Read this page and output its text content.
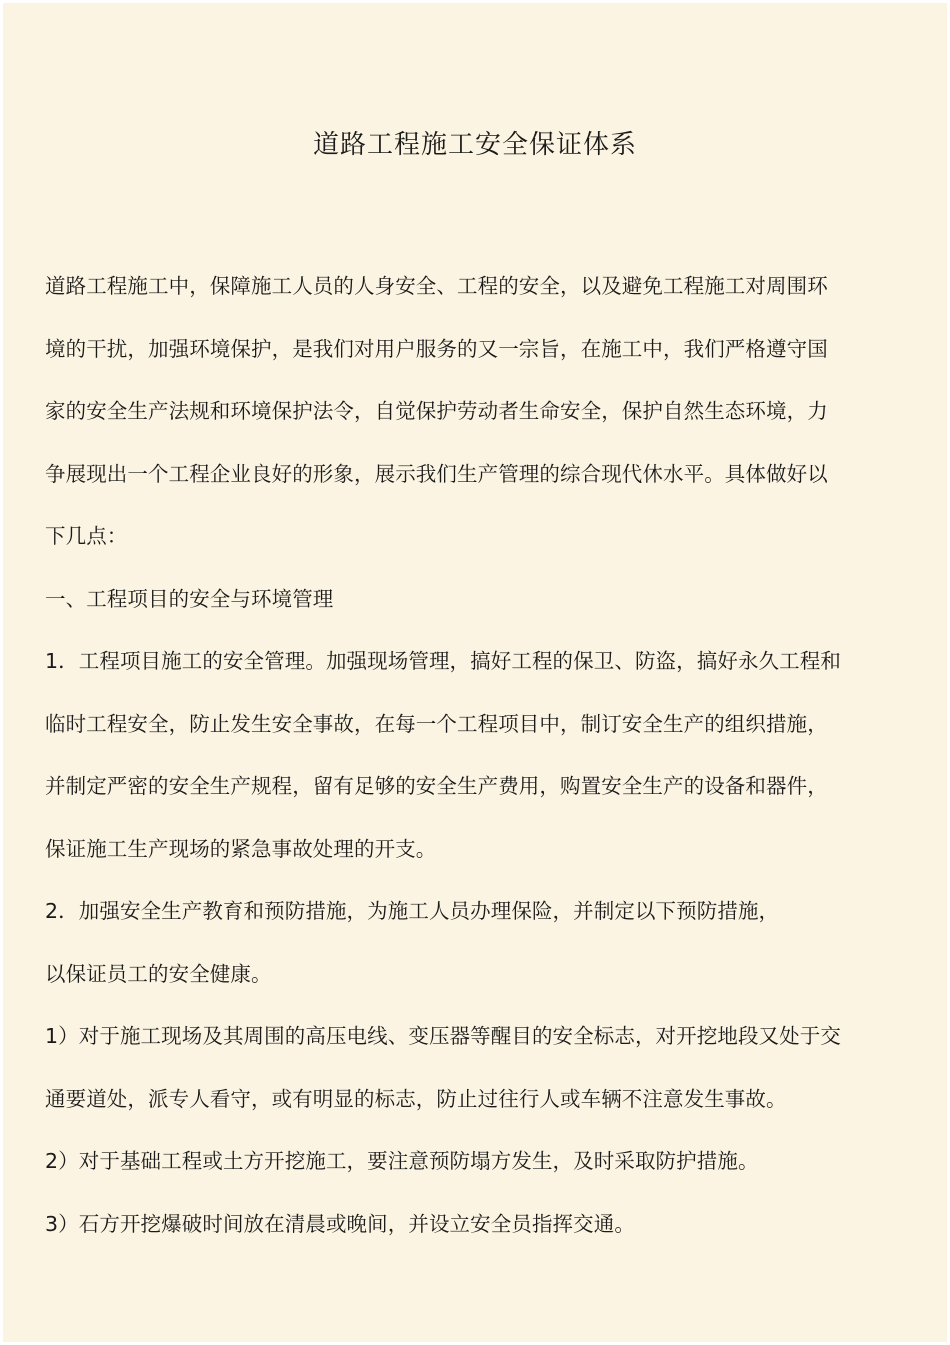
道路工程施工安全保证体系
道路工程施工中，保障施工人员的人身安全、工程的安全，以及避免工程施工对周围环
境的干扰，加强环境保护，是我们对用户服务的又一宗旨，在施工中，我们严格遵守国
家的安全生产法规和环境保护法令，自觉保护劳动者生命安全，保护自然生态环境，力
争展现出一个工程企业良好的形象，展示我们生产管理的综合现代休水平。具体做好以
下几点：
一、工程项目的安全与环境管理
1．工程项目施工的安全管理。加强现场管理，搞好工程的保卫、防盗，搞好永久工程和
临时工程安全，防止发生安全事故，在每一个工程项目中，制订安全生产的组织措施，
并制定严密的安全生产规程，留有足够的安全生产费用，购置安全生产的设备和器件，
保证施工生产现场的紧急事故处理的开支。
2．加强安全生产教育和预防措施，为施工人员办理保险，并制定以下预防措施，
以保证员工的安全健康。
1）对于施工现场及其周围的高压电线、变压器等醒目的安全标志，对开挖地段又处于交
通要道处，派专人看守，或有明显的标志，防止过往行人或车辆不注意发生事故。
2）对于基础工程或土方开挖施工，要注意预防塌方发生，及时采取防护措施。
3）石方开挖爆破时间放在清晨或晚间，并设立安全员指挥交通。
